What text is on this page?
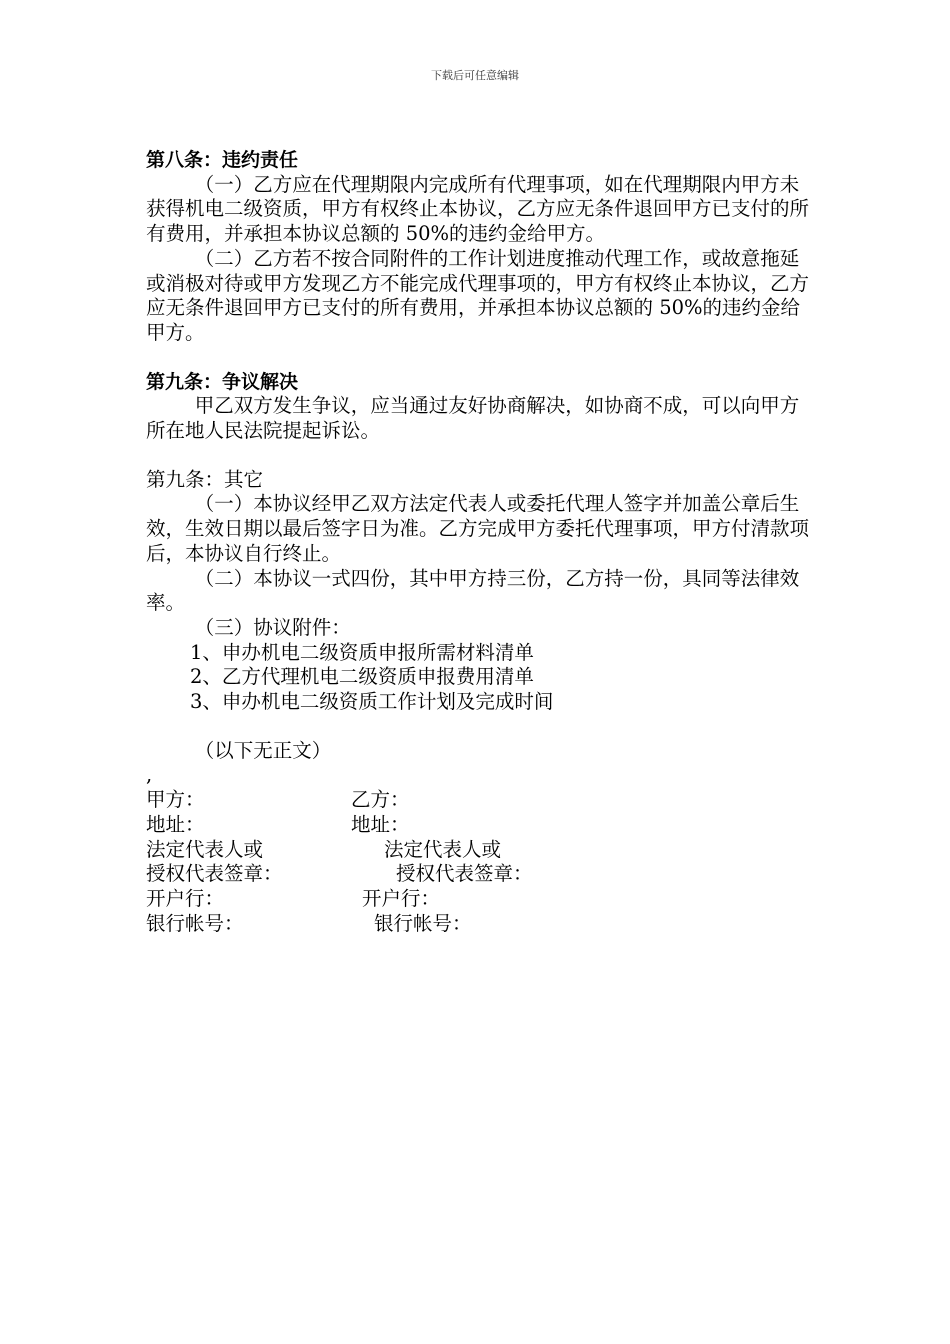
下载后可任意编辑

第八条：违约责任

（一）乙方应在代理期限内完成所有代理事项，如在代理期限内甲方未获得机电二级资质，甲方有权终止本协议，乙方应无条件退回甲方已支付的所有费用，并承担本协议总额的 50%的违约金给甲方。

（二）乙方若不按合同附件的工作计划进度推动代理工作，或故意拖延或消极对待或甲方发现乙方不能完成代理事项的，甲方有权终止本协议，乙方应无条件退回甲方已支付的所有费用，并承担本协议总额的 50%的违约金给甲方。

第九条：争议解决

甲乙双方发生争议，应当通过友好协商解决，如协商不成，可以向甲方所在地人民法院提起诉讼。

第九条：其它

（一）本协议经甲乙双方法定代表人或委托代理人签字并加盖公章后生效，生效日期以最后签字日为准。乙方完成甲方委托代理事项，甲方付清款项后，本协议自行终止。

（二）本协议一式四份，其中甲方持三份，乙方持一份，具同等法律效率。

（三）协议附件：

1、申办机电二级资质申报所需材料清单

2、乙方代理机电二级资质申报费用清单

3、申办机电二级资质工作计划及完成时间

（以下无正文）

,

甲方：	乙方：
地址：	地址：
法定代表人或	法定代表人或
授权代表签章：	授权代表签章：
开户行：	开户行：
银行帐号：	银行帐号：
